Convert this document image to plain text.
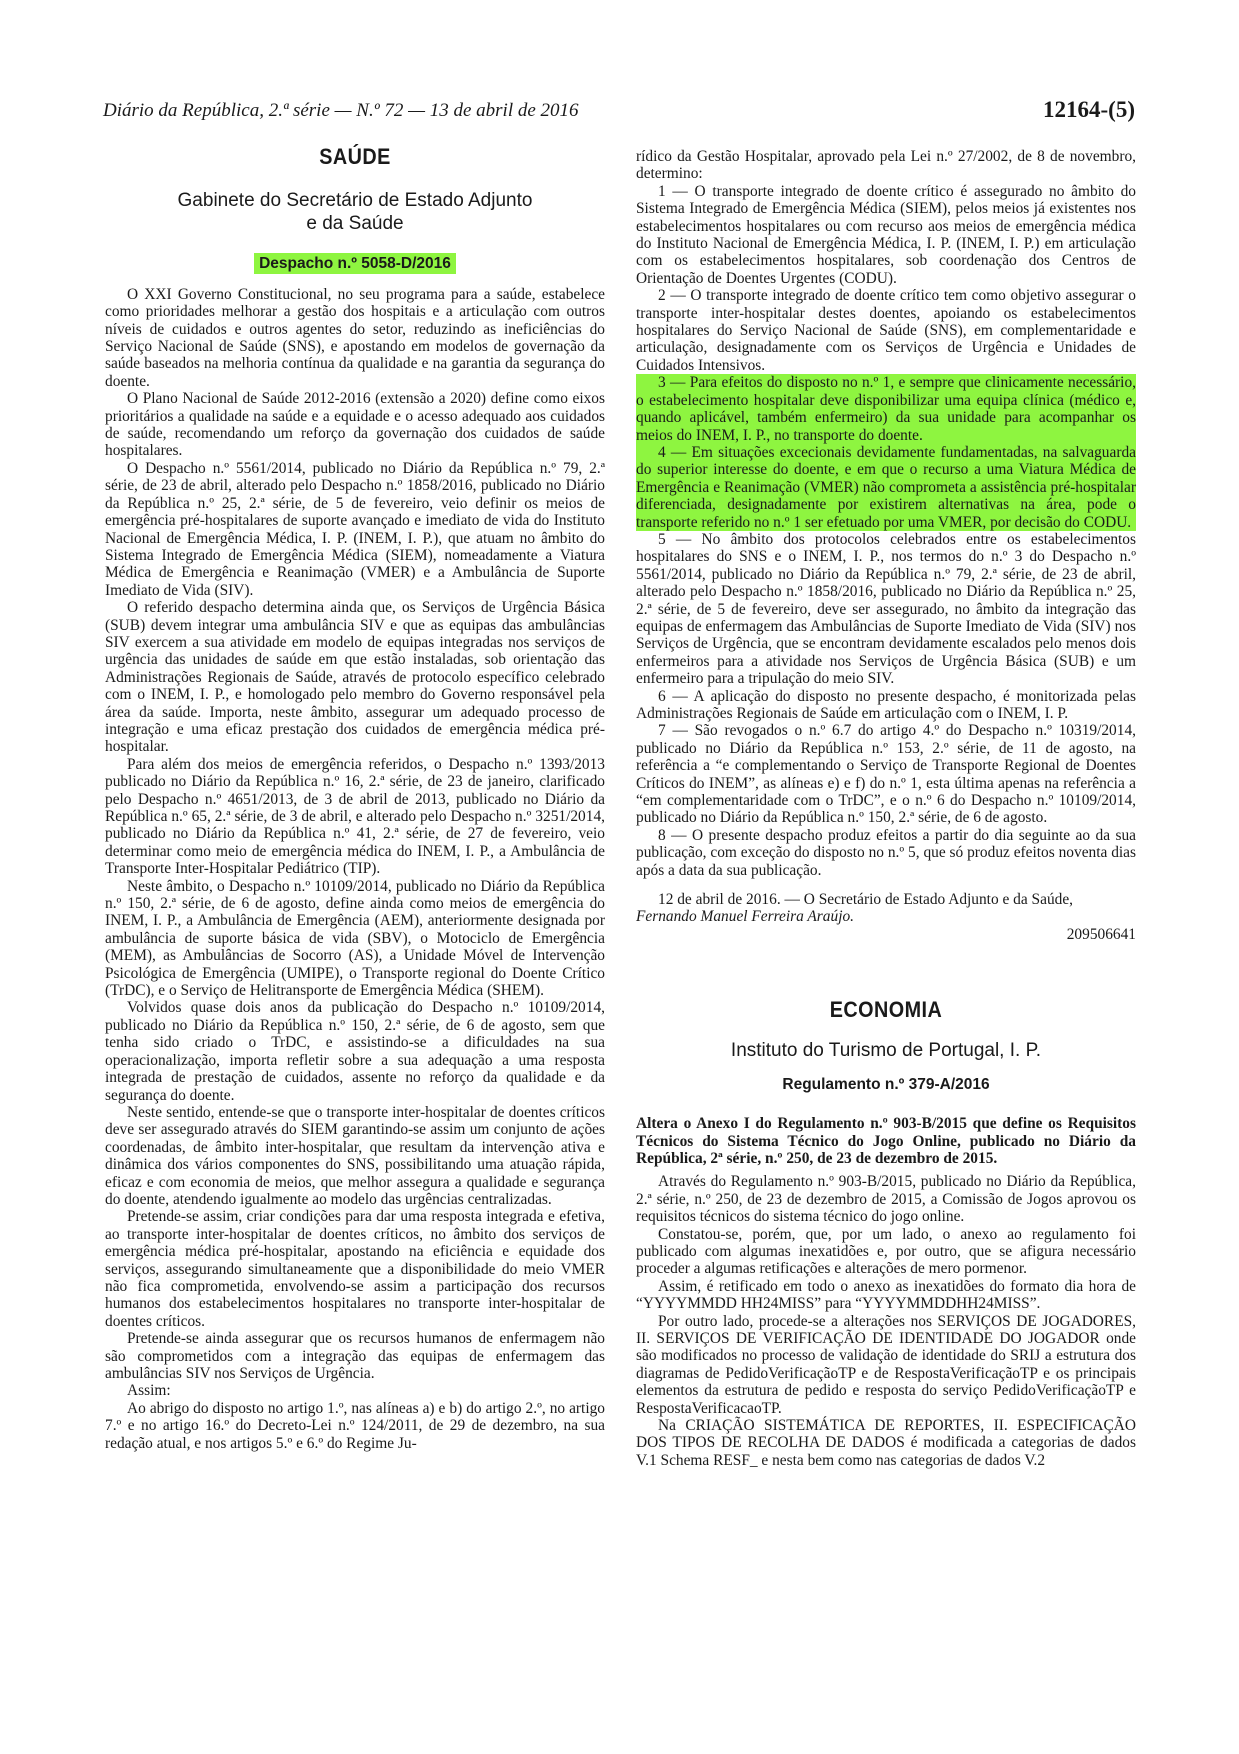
Diário da República, 2.ª série — N.º 72 — 13 de abril de 2016	12164-(5)

SAÚDE

Gabinete do Secretário de Estado Adjunto

e da Saúde

Despacho n.º 5058-D/2016

O XXI Governo Constitucional, no seu programa para a saúde, estabelece como prioridades melhorar a gestão dos hospitais e a articulação com outros níveis de cuidados e outros agentes do setor, reduzindo as ineficiências do Serviço Nacional de Saúde (SNS), e apostando em modelos de governação da saúde baseados na melhoria contínua da qualidade e na garantia da segurança do doente.

O Plano Nacional de Saúde 2012-2016 (extensão a 2020) define como eixos prioritários a qualidade na saúde e a equidade e o acesso adequado aos cuidados de saúde, recomendando um reforço da governação dos cuidados de saúde hospitalares.

O Despacho n.º 5561/2014, publicado no Diário da República n.º 79, 2.ª série, de 23 de abril, alterado pelo Despacho n.º 1858/2016, publicado no Diário da República n.º 25, 2.ª série, de 5 de fevereiro, veio definir os meios de emergência pré-hospitalares de suporte avançado e imediato de vida do Instituto Nacional de Emergência Médica, I. P. (INEM, I. P.), que atuam no âmbito do Sistema Integrado de Emergência Médica (SIEM), nomeadamente a Viatura Médica de Emergência e Reanimação (VMER) e a Ambulância de Suporte Imediato de Vida (SIV).

O referido despacho determina ainda que, os Serviços de Urgência Básica (SUB) devem integrar uma ambulância SIV e que as equipas das ambulâncias SIV exercem a sua atividade em modelo de equipas integradas nos serviços de urgência das unidades de saúde em que estão instaladas, sob orientação das Administrações Regionais de Saúde, através de protocolo específico celebrado com o INEM, I. P., e homologado pelo membro do Governo responsável pela área da saúde. Importa, neste âmbito, assegurar um adequado processo de integração e uma eficaz prestação dos cuidados de emergência médica pré-hospitalar.

Para além dos meios de emergência referidos, o Despacho n.º 1393/2013 publicado no Diário da República n.º 16, 2.ª série, de 23 de janeiro, clarificado pelo Despacho n.º 4651/2013, de 3 de abril de 2013, publicado no Diário da República n.º 65, 2.ª série, de 3 de abril, e alterado pelo Despacho n.º 3251/2014, publicado no Diário da República n.º 41, 2.ª série, de 27 de fevereiro, veio determinar como meio de emergência médica do INEM, I. P., a Ambulância de Transporte Inter-Hospitalar Pediátrico (TIP).

Neste âmbito, o Despacho n.º 10109/2014, publicado no Diário da República n.º 150, 2.ª série, de 6 de agosto, define ainda como meios de emergência do INEM, I. P., a Ambulância de Emergência (AEM), anteriormente designada por ambulância de suporte básica de vida (SBV), o Motociclo de Emergência (MEM), as Ambulâncias de Socorro (AS), a Unidade Móvel de Intervenção Psicológica de Emergência (UMIPE), o Transporte regional do Doente Crítico (TrDC), e o Serviço de Helitransporte de Emergência Médica (SHEM).

Volvidos quase dois anos da publicação do Despacho n.º 10109/2014, publicado no Diário da República n.º 150, 2.ª série, de 6 de agosto, sem que tenha sido criado o TrDC, e assistindo-se a dificuldades na sua operacionalização, importa refletir sobre a sua adequação a uma resposta integrada de prestação de cuidados, assente no reforço da qualidade e da segurança do doente.

Neste sentido, entende-se que o transporte inter-hospitalar de doentes críticos deve ser assegurado através do SIEM garantindo-se assim um conjunto de ações coordenadas, de âmbito inter-hospitalar, que resultam da intervenção ativa e dinâmica dos vários componentes do SNS, possibilitando uma atuação rápida, eficaz e com economia de meios, que melhor assegura a qualidade e segurança do doente, atendendo igualmente ao modelo das urgências centralizadas.

Pretende-se assim, criar condições para dar uma resposta integrada e efetiva, ao transporte inter-hospitalar de doentes críticos, no âmbito dos serviços de emergência médica pré-hospitalar, apostando na eficiência e equidade dos serviços, assegurando simultaneamente que a disponibilidade do meio VMER não fica comprometida, envolvendo-se assim a participação dos recursos humanos dos estabelecimentos hospitalares no transporte inter-hospitalar de doentes críticos.

Pretende-se ainda assegurar que os recursos humanos de enfermagem não são comprometidos com a integração das equipas de enfermagem das ambulâncias SIV nos Serviços de Urgência.

Assim:

Ao abrigo do disposto no artigo 1.º, nas alíneas a) e b) do artigo 2.º, no artigo 7.º e no artigo 16.º do Decreto-Lei n.º 124/2011, de 29 de dezembro, na sua redação atual, e nos artigos 5.º e 6.º do Regime Ju-

rídico da Gestão Hospitalar, aprovado pela Lei n.º 27/2002, de 8 de novembro, determino:

1 — O transporte integrado de doente crítico é assegurado no âmbito do Sistema Integrado de Emergência Médica (SIEM), pelos meios já existentes nos estabelecimentos hospitalares ou com recurso aos meios de emergência médica do Instituto Nacional de Emergência Médica, I. P. (INEM, I. P.) em articulação com os estabelecimentos hospitalares, sob coordenação dos Centros de Orientação de Doentes Urgentes (CODU).

2 — O transporte integrado de doente crítico tem como objetivo assegurar o transporte inter-hospitalar destes doentes, apoiando os estabelecimentos hospitalares do Serviço Nacional de Saúde (SNS), em complementaridade e articulação, designadamente com os Serviços de Urgência e Unidades de Cuidados Intensivos.

3 — Para efeitos do disposto no n.º 1, e sempre que clinicamente necessário, o estabelecimento hospitalar deve disponibilizar uma equipa clínica (médico e, quando aplicável, também enfermeiro) da sua unidade para acompanhar os meios do INEM, I. P., no transporte do doente.

4 — Em situações excecionais devidamente fundamentadas, na salvaguarda do superior interesse do doente, e em que o recurso a uma Viatura Médica de Emergência e Reanimação (VMER) não comprometa a assistência pré-hospitalar diferenciada, designadamente por existirem alternativas na área, pode o transporte referido no n.º 1 ser efetuado por uma VMER, por decisão do CODU.

5 — No âmbito dos protocolos celebrados entre os estabelecimentos hospitalares do SNS e o INEM, I. P., nos termos do n.º 3 do Despacho n.º 5561/2014, publicado no Diário da República n.º 79, 2.ª série, de 23 de abril, alterado pelo Despacho n.º 1858/2016, publicado no Diário da República n.º 25, 2.ª série, de 5 de fevereiro, deve ser assegurado, no âmbito da integração das equipas de enfermagem das Ambulâncias de Suporte Imediato de Vida (SIV) nos Serviços de Urgência, que se encontram devidamente escalados pelo menos dois enfermeiros para a atividade nos Serviços de Urgência Básica (SUB) e um enfermeiro para a tripulação do meio SIV.

6 — A aplicação do disposto no presente despacho, é monitorizada pelas Administrações Regionais de Saúde em articulação com o INEM, I. P.

7 — São revogados o n.º 6.7 do artigo 4.º do Despacho n.º 10319/2014, publicado no Diário da República n.º 153, 2.º série, de 11 de agosto, na referência a “e complementando o Serviço de Transporte Regional de Doentes Críticos do INEM”, as alíneas e) e f) do n.º 1, esta última apenas na referência a “em complementaridade com o TrDC”, e o n.º 6 do Despacho n.º 10109/2014, publicado no Diário da República n.º 150, 2.ª série, de 6 de agosto.

8 — O presente despacho produz efeitos a partir do dia seguinte ao da sua publicação, com exceção do disposto no n.º 5, que só produz efeitos noventa dias após a data da sua publicação.

12 de abril de 2016. — O Secretário de Estado Adjunto e da Saúde,

Fernando Manuel Ferreira Araújo.

209506641

ECONOMIA

Instituto do Turismo de Portugal, I. P.

Regulamento n.º 379-A/2016

Altera o Anexo I do Regulamento n.º 903-B/2015 que define os Requisitos Técnicos do Sistema Técnico do Jogo Online, publicado no Diário da República, 2ª série, n.º 250, de 23 de dezembro de 2015.

Através do Regulamento n.º 903-B/2015, publicado no Diário da República, 2.ª série, n.º 250, de 23 de dezembro de 2015, a Comissão de Jogos aprovou os requisitos técnicos do sistema técnico do jogo online.

Constatou-se, porém, que, por um lado, o anexo ao regulamento foi publicado com algumas inexatidões e, por outro, que se afigura necessário proceder a algumas retificações e alterações de mero pormenor.

Assim, é retificado em todo o anexo as inexatidões do formato dia hora de “YYYYMMDD HH24MISS” para “YYYYMMDDHH24MISS”.

Por outro lado, procede-se a alterações nos SERVIÇOS DE JOGADORES, II. SERVIÇOS DE VERIFICAÇÃO DE IDENTIDADE DO JOGADOR onde são modificados no processo de validação de identidade do SRIJ a estrutura dos diagramas de PedidoVerificaçãoTP e de RespostaVerificaçãoTP e os principais elementos da estrutura de pedido e resposta do serviço PedidoVerificaçãoTP e RespostaVerificacaoTP.

Na CRIAÇÃO SISTEMÁTICA DE REPORTES, II. ESPECIFICAÇÃO DOS TIPOS DE RECOLHA DE DADOS é modificada a categorias de dados V.1 Schema RESF_ e nesta bem como nas categorias de dados V.2
